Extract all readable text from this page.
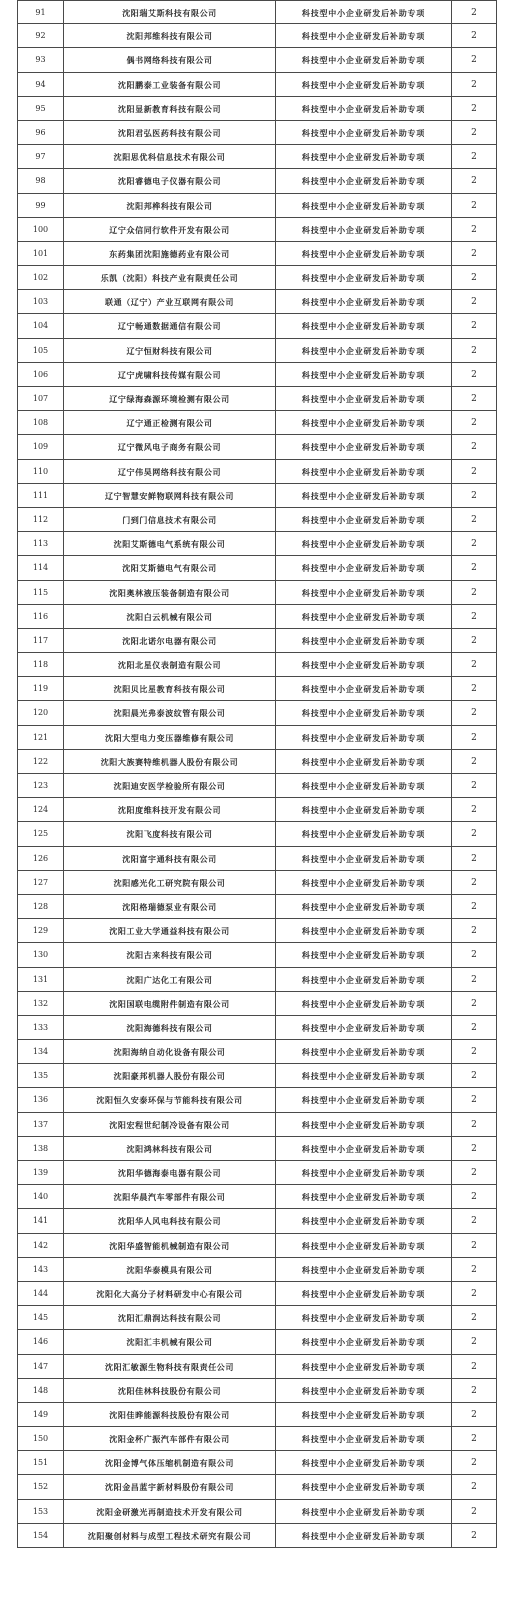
91	沈阳瑞艾斯科技有限公司	科技型中小企业研发后补助专项	2
92	沈阳邦维科技有限公司	科技型中小企业研发后补助专项	2
93	偶书网络科技有限公司	科技型中小企业研发后补助专项	2
94	沈阳鹏泰工业装备有限公司	科技型中小企业研发后补助专项	2
95	沈阳显新教育科技有限公司	科技型中小企业研发后补助专项	2
96	沈阳君弘医药科技有限公司	科技型中小企业研发后补助专项	2
97	沈阳思优科信息技术有限公司	科技型中小企业研发后补助专项	2
98	沈阳睿德电子仪器有限公司	科技型中小企业研发后补助专项	2
99	沈阳邦桦科技有限公司	科技型中小企业研发后补助专项	2
100	辽宁众信同行软件开发有限公司	科技型中小企业研发后补助专项	2
101	东药集团沈阳施德药业有限公司	科技型中小企业研发后补助专项	2
102	乐凯（沈阳）科技产业有限责任公司	科技型中小企业研发后补助专项	2
103	联通（辽宁）产业互联网有限公司	科技型中小企业研发后补助专项	2
104	辽宁畅通数据通信有限公司	科技型中小企业研发后补助专项	2
105	辽宁恒财科技有限公司	科技型中小企业研发后补助专项	2
106	辽宁虎啸科技传媒有限公司	科技型中小企业研发后补助专项	2
107	辽宁绿海森源环境检测有限公司	科技型中小企业研发后补助专项	2
108	辽宁通正检测有限公司	科技型中小企业研发后补助专项	2
109	辽宁微风电子商务有限公司	科技型中小企业研发后补助专项	2
110	辽宁伟昊网络科技有限公司	科技型中小企业研发后补助专项	2
111	辽宁智慧安鲜物联网科技有限公司	科技型中小企业研发后补助专项	2
112	门到门信息技术有限公司	科技型中小企业研发后补助专项	2
113	沈阳艾斯德电气系统有限公司	科技型中小企业研发后补助专项	2
114	沈阳艾斯德电气有限公司	科技型中小企业研发后补助专项	2
115	沈阳奥林液压装备制造有限公司	科技型中小企业研发后补助专项	2
116	沈阳白云机械有限公司	科技型中小企业研发后补助专项	2
117	沈阳北诺尔电器有限公司	科技型中小企业研发后补助专项	2
118	沈阳北星仪表制造有限公司	科技型中小企业研发后补助专项	2
119	沈阳贝比星教育科技有限公司	科技型中小企业研发后补助专项	2
120	沈阳晨光弗泰波纹管有限公司	科技型中小企业研发后补助专项	2
121	沈阳大型电力变压器维修有限公司	科技型中小企业研发后补助专项	2
122	沈阳大族赛特维机器人股份有限公司	科技型中小企业研发后补助专项	2
123	沈阳迪安医学检验所有限公司	科技型中小企业研发后补助专项	2
124	沈阳度维科技开发有限公司	科技型中小企业研发后补助专项	2
125	沈阳飞度科技有限公司	科技型中小企业研发后补助专项	2
126	沈阳富宇通科技有限公司	科技型中小企业研发后补助专项	2
127	沈阳感光化工研究院有限公司	科技型中小企业研发后补助专项	2
128	沈阳格瑞德泵业有限公司	科技型中小企业研发后补助专项	2
129	沈阳工业大学通益科技有限公司	科技型中小企业研发后补助专项	2
130	沈阳古来科技有限公司	科技型中小企业研发后补助专项	2
131	沈阳广达化工有限公司	科技型中小企业研发后补助专项	2
132	沈阳国联电缆附件制造有限公司	科技型中小企业研发后补助专项	2
133	沈阳海德科技有限公司	科技型中小企业研发后补助专项	2
134	沈阳海纳自动化设备有限公司	科技型中小企业研发后补助专项	2
135	沈阳豪邦机器人股份有限公司	科技型中小企业研发后补助专项	2
136	沈阳恒久安泰环保与节能科技有限公司	科技型中小企业研发后补助专项	2
137	沈阳宏程世纪制冷设备有限公司	科技型中小企业研发后补助专项	2
138	沈阳鸿林科技有限公司	科技型中小企业研发后补助专项	2
139	沈阳华德海泰电器有限公司	科技型中小企业研发后补助专项	2
140	沈阳华晨汽车零部件有限公司	科技型中小企业研发后补助专项	2
141	沈阳华人风电科技有限公司	科技型中小企业研发后补助专项	2
142	沈阳华盛智能机械制造有限公司	科技型中小企业研发后补助专项	2
143	沈阳华泰模具有限公司	科技型中小企业研发后补助专项	2
144	沈阳化大高分子材料研发中心有限公司	科技型中小企业研发后补助专项	2
145	沈阳汇鼎润达科技有限公司	科技型中小企业研发后补助专项	2
146	沈阳汇丰机械有限公司	科技型中小企业研发后补助专项	2
147	沈阳汇敏源生物科技有限责任公司	科技型中小企业研发后补助专项	2
148	沈阳佳林科技股份有限公司	科技型中小企业研发后补助专项	2
149	沈阳佳晔能源科技股份有限公司	科技型中小企业研发后补助专项	2
150	沈阳金杯广振汽车部件有限公司	科技型中小企业研发后补助专项	2
151	沈阳金博气体压缩机制造有限公司	科技型中小企业研发后补助专项	2
152	沈阳金昌蓝宇新材料股份有限公司	科技型中小企业研发后补助专项	2
153	沈阳金研激光再制造技术开发有限公司	科技型中小企业研发后补助专项	2
154	沈阳聚创材料与成型工程技术研究有限公司	科技型中小企业研发后补助专项	2
